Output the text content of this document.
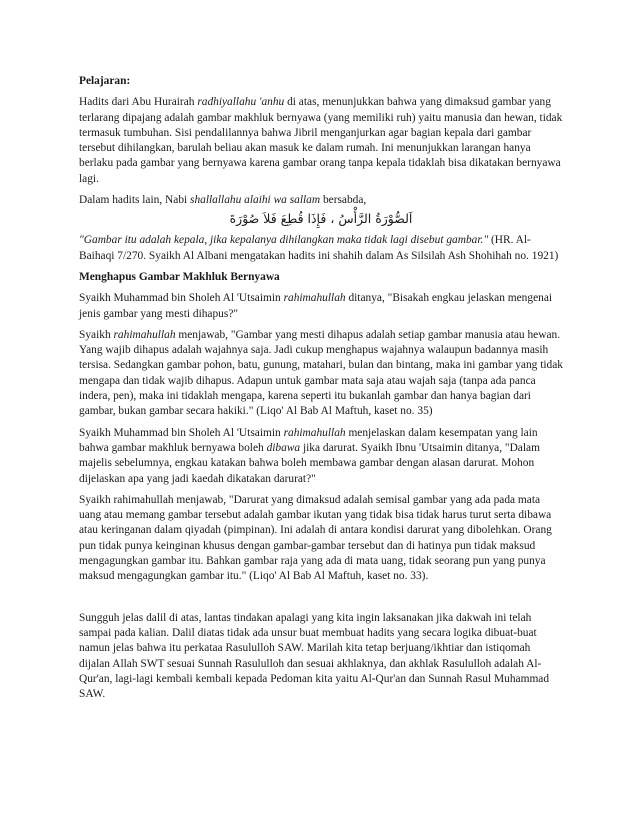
Pelajaran:

Hadits dari Abu Hurairah radhiyallahu 'anhu di atas, menunjukkan bahwa yang dimaksud gambar yang terlarang dipajang adalah gambar makhluk bernyawa (yang memiliki ruh) yaitu manusia dan hewan, tidak termasuk tumbuhan. Sisi pendalilannya bahwa Jibril menganjurkan agar bagian kepala dari gambar tersebut dihilangkan, barulah beliau akan masuk ke dalam rumah. Ini menunjukkan larangan hanya berlaku pada gambar yang bernyawa karena gambar orang tanpa kepala tidaklah bisa dikatakan bernyawa lagi.

Dalam hadits lain, Nabi shallallahu alaihi wa sallam bersabda,

اَلصُّوْرَةُ الرَّأْسُ ، فَإِذَا قُطِعَ فَلاَ صُوْرَةَ

"Gambar itu adalah kepala, jika kepalanya dihilangkan maka tidak lagi disebut gambar." (HR. Al-Baihaqi 7/270. Syaikh Al Albani mengatakan hadits ini shahih dalam As Silsilah Ash Shohihah no. 1921)

Menghapus Gambar Makhluk Bernyawa

Syaikh Muhammad bin Sholeh Al 'Utsaimin rahimahullah ditanya, "Bisakah engkau jelaskan mengenai jenis gambar yang mesti dihapus?"

Syaikh rahimahullah menjawab, "Gambar yang mesti dihapus adalah setiap gambar manusia atau hewan. Yang wajib dihapus adalah wajahnya saja. Jadi cukup menghapus wajahnya walaupun badannya masih tersisa. Sedangkan gambar pohon, batu, gunung, matahari, bulan dan bintang, maka ini gambar yang tidak mengapa dan tidak wajib dihapus. Adapun untuk gambar mata saja atau wajah saja (tanpa ada panca indera, pen), maka ini tidaklah mengapa, karena seperti itu bukanlah gambar dan hanya bagian dari gambar, bukan gambar secara hakiki." (Liqo' Al Bab Al Maftuh, kaset no. 35)

Syaikh Muhammad bin Sholeh Al 'Utsaimin rahimahullah menjelaskan dalam kesempatan yang lain bahwa gambar makhluk bernyawa boleh dibawa jika darurat. Syaikh Ibnu 'Utsaimin ditanya, "Dalam majelis sebelumnya, engkau katakan bahwa boleh membawa gambar dengan alasan darurat. Mohon dijelaskan apa yang jadi kaedah dikatakan darurat?"

Syaikh rahimahullah menjawab, "Darurat yang dimaksud adalah semisal gambar yang ada pada mata uang atau memang gambar tersebut adalah gambar ikutan yang tidak bisa tidak harus turut serta dibawa atau keringanan dalam qiyadah (pimpinan). Ini adalah di antara kondisi darurat yang dibolehkan. Orang pun tidak punya keinginan khusus dengan gambar-gambar tersebut dan di hatinya pun tidak maksud mengagungkan gambar itu. Bahkan gambar raja yang ada di mata uang, tidak seorang pun yang punya maksud mengagungkan gambar itu." (Liqo' Al Bab Al Maftuh, kaset no. 33).

Sungguh jelas dalil di atas, lantas tindakan apalagi yang kita ingin laksanakan jika dakwah ini telah sampai pada kalian. Dalil diatas tidak ada unsur buat membuat hadits yang secara logika dibuat-buat namun jelas bahwa itu perkataa Rasululloh SAW. Marilah kita tetap berjuang/ikhtiar dan istiqomah dijalan Allah SWT sesuai Sunnah Rasululloh dan sesuai akhlaknya, dan akhlak Rasululloh adalah Al-Qur'an, lagi-lagi kembali kembali kepada Pedoman kita yaitu Al-Qur'an dan Sunnah Rasul Muhammad SAW.
